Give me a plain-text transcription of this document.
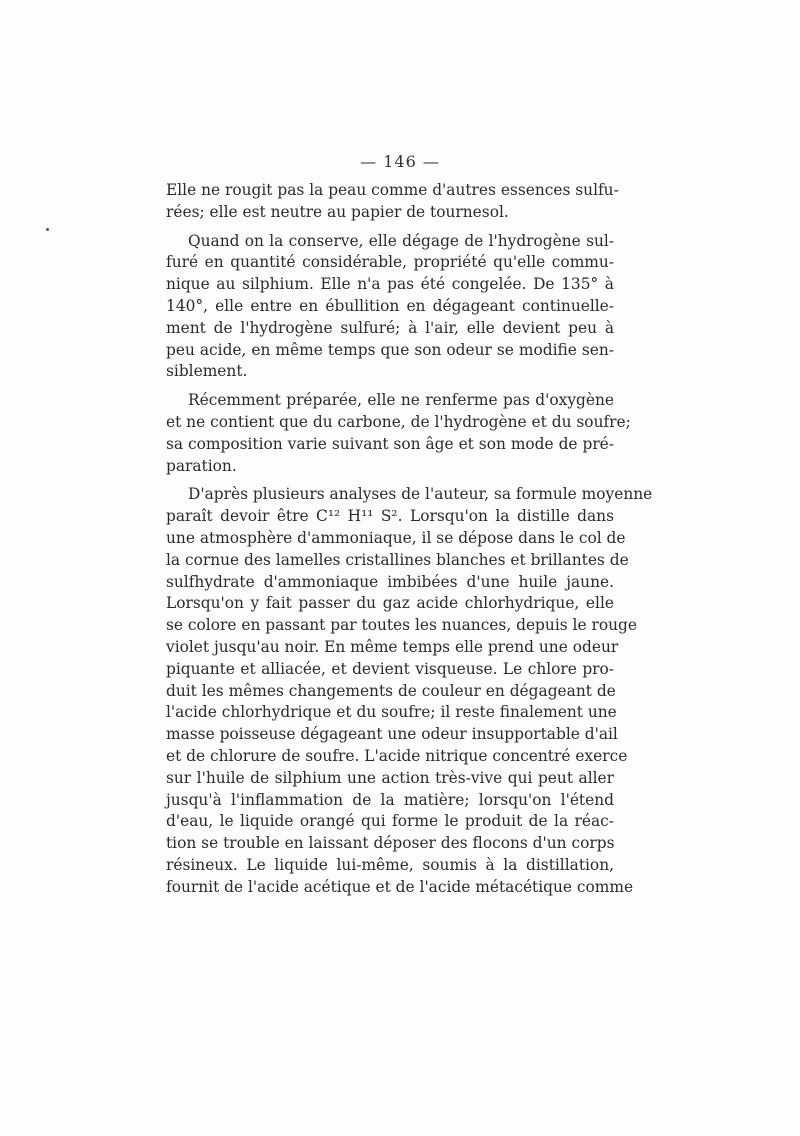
— 146 —
Elle ne rougit pas la peau comme d'autres essences sulfu-
rées; elle est neutre au papier de tournesol.
Quand on la conserve, elle dégage de l'hydrogène sul-
furé en quantité considérable, propriété qu'elle commu-
nique au silphium. Elle n'a pas été congelée. De 135° à
140°, elle entre en ébullition en dégageant continuelle-
ment de l'hydrogène sulfuré; à l'air, elle devient peu à
peu acide, en même temps que son odeur se modifie sen-
siblement.
Récemment préparée, elle ne renferme pas d'oxygène
et ne contient que du carbone, de l'hydrogène et du soufre;
sa composition varie suivant son âge et son mode de pré-
paration.
D'après plusieurs analyses de l'auteur, sa formule moyenne
paraît devoir être C¹² H¹¹ S². Lorsqu'on la distille dans
une atmosphère d'ammoniaque, il se dépose dans le col de
la cornue des lamelles cristallines blanches et brillantes de
sulfhydrate d'ammoniaque imbibées d'une huile jaune.
Lorsqu'on y fait passer du gaz acide chlorhydrique, elle
se colore en passant par toutes les nuances, depuis le rouge
violet jusqu'au noir. En même temps elle prend une odeur
piquante et alliacée, et devient visqueuse. Le chlore pro-
duit les mêmes changements de couleur en dégageant de
l'acide chlorhydrique et du soufre; il reste finalement une
masse poisseuse dégageant une odeur insupportable d'ail
et de chlorure de soufre. L'acide nitrique concentré exerce
sur l'huile de silphium une action très-vive qui peut aller
jusqu'à l'inflammation de la matière; lorsqu'on l'étend
d'eau, le liquide orangé qui forme le produit de la réac-
tion se trouble en laissant déposer des flocons d'un corps
résineux. Le liquide lui-même, soumis à la distillation,
fournit de l'acide acétique et de l'acide métacétique comme
